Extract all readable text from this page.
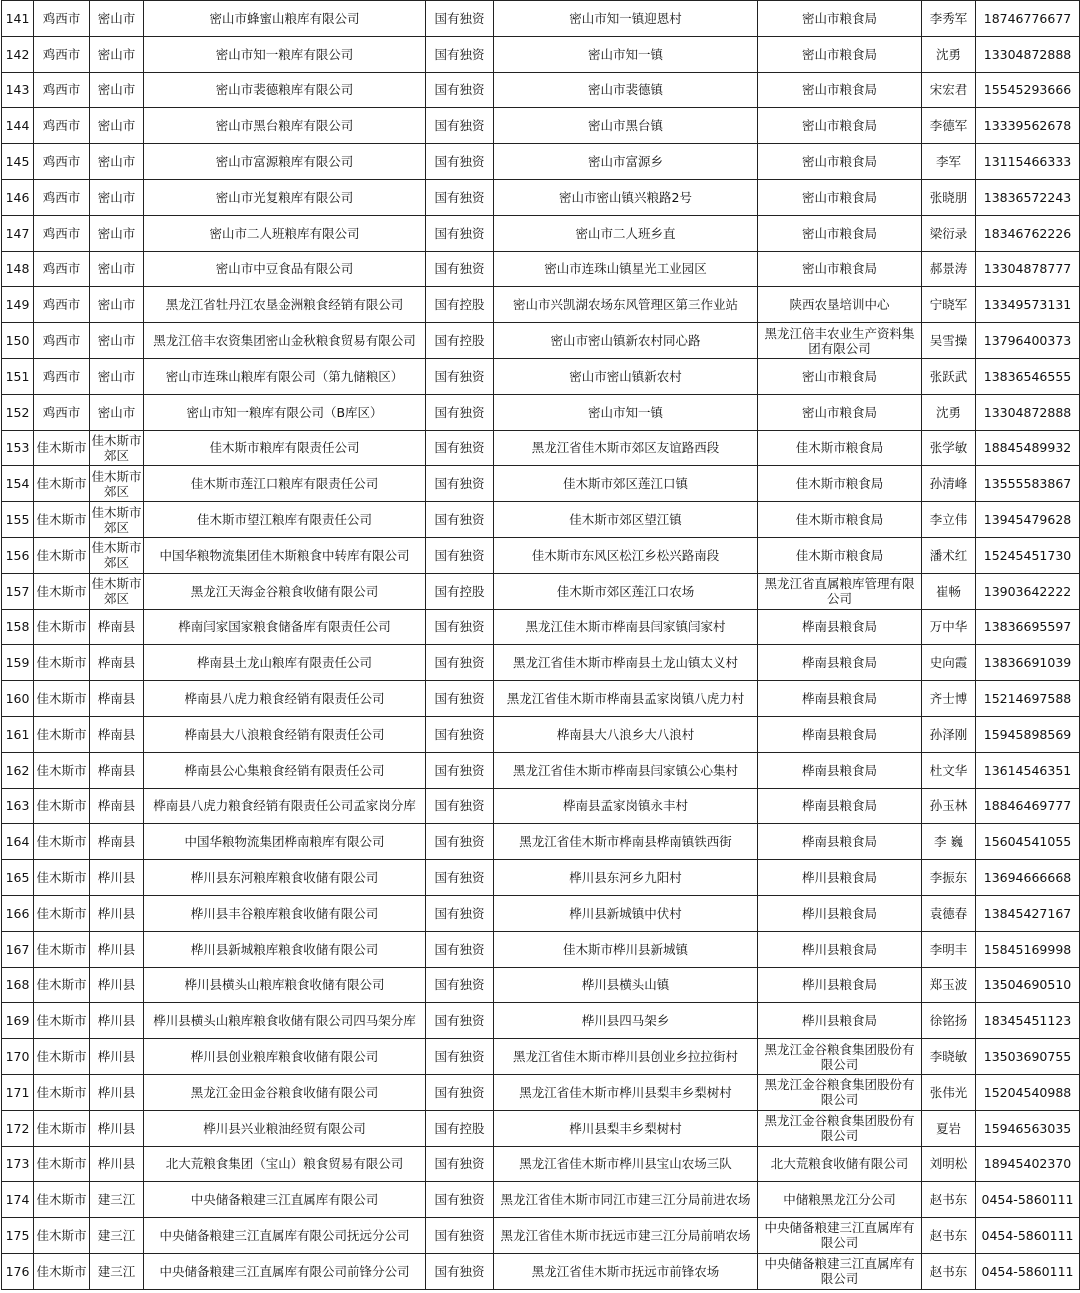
141	鸡西市	密山市	密山市蜂蜜山粮库有限公司	国有独资	密山市知一镇迎恩村	密山市粮食局	李秀军	18746776677
142	鸡西市	密山市	密山市知一粮库有限公司	国有独资	密山市知一镇	密山市粮食局	沈勇	13304872888
143	鸡西市	密山市	密山市裴德粮库有限公司	国有独资	密山市裴德镇	密山市粮食局	宋宏君	15545293666
144	鸡西市	密山市	密山市黑台粮库有限公司	国有独资	密山市黑台镇	密山市粮食局	李德军	13339562678
145	鸡西市	密山市	密山市富源粮库有限公司	国有独资	密山市富源乡	密山市粮食局	李军	13115466333
146	鸡西市	密山市	密山市光复粮库有限公司	国有独资	密山市密山镇兴粮路2号	密山市粮食局	张晓朋	13836572243
147	鸡西市	密山市	密山市二人班粮库有限公司	国有独资	密山市二人班乡直	密山市粮食局	梁衍录	18346762226
148	鸡西市	密山市	密山市中豆食品有限公司	国有独资	密山市连珠山镇星光工业园区	密山市粮食局	郝景涛	13304878777
149	鸡西市	密山市	黑龙江省牡丹江农垦金洲粮食经销有限公司	国有控股	密山市兴凯湖农场东风管理区第三作业站	陕西农垦培训中心	宁晓军	13349573131
150	鸡西市	密山市	黑龙江倍丰农资集团密山金秋粮食贸易有限公司	国有控股	密山市密山镇新农村同心路	黑龙江倍丰农业生产资料集团有限公司	吴雪操	13796400373
151	鸡西市	密山市	密山市连珠山粮库有限公司（第九储粮区）	国有独资	密山市密山镇新农村	密山市粮食局	张跃武	13836546555
152	鸡西市	密山市	密山市知一粮库有限公司（B库区）	国有独资	密山市知一镇	密山市粮食局	沈勇	13304872888
153	佳木斯市	佳木斯市郊区	佳木斯市粮库有限责任公司	国有独资	黑龙江省佳木斯市郊区友谊路西段	佳木斯市粮食局	张学敏	18845489932
154	佳木斯市	佳木斯市郊区	佳木斯市莲江口粮库有限责任公司	国有独资	佳木斯市郊区莲江口镇	佳木斯市粮食局	孙清峰	13555583867
155	佳木斯市	佳木斯市郊区	佳木斯市望江粮库有限责任公司	国有独资	佳木斯市郊区望江镇	佳木斯市粮食局	李立伟	13945479628
156	佳木斯市	佳木斯市郊区	中国华粮物流集团佳木斯粮食中转库有限公司	国有独资	佳木斯市东风区松江乡松兴路南段	佳木斯市粮食局	潘术红	15245451730
157	佳木斯市	佳木斯市郊区	黑龙江天海金谷粮食收储有限公司	国有控股	佳木斯市郊区莲江口农场	黑龙江省直属粮库管理有限公司	崔畅	13903642222
158	佳木斯市	桦南县	桦南闫家国家粮食储备库有限责任公司	国有独资	黑龙江佳木斯市桦南县闫家镇闫家村	桦南县粮食局	万中华	13836695597
159	佳木斯市	桦南县	桦南县土龙山粮库有限责任公司	国有独资	黑龙江省佳木斯市桦南县土龙山镇太义村	桦南县粮食局	史向霞	13836691039
160	佳木斯市	桦南县	桦南县八虎力粮食经销有限责任公司	国有独资	黑龙江省佳木斯市桦南县孟家岗镇八虎力村	桦南县粮食局	齐士博	15214697588
161	佳木斯市	桦南县	桦南县大八浪粮食经销有限责任公司	国有独资	桦南县大八浪乡大八浪村	桦南县粮食局	孙泽刚	15945898569
162	佳木斯市	桦南县	桦南县公心集粮食经销有限责任公司	国有独资	黑龙江省佳木斯市桦南县闫家镇公心集村	桦南县粮食局	杜文华	13614546351
163	佳木斯市	桦南县	桦南县八虎力粮食经销有限责任公司孟家岗分库	国有独资	桦南县孟家岗镇永丰村	桦南县粮食局	孙玉林	18846469777
164	佳木斯市	桦南县	中国华粮物流集团桦南粮库有限公司	国有独资	黑龙江省佳木斯市桦南县桦南镇铁西街	桦南县粮食局	李 巍	15604541055
165	佳木斯市	桦川县	桦川县东河粮库粮食收储有限公司	国有独资	桦川县东河乡九阳村	桦川县粮食局	李振东	13694666668
166	佳木斯市	桦川县	桦川县丰谷粮库粮食收储有限公司	国有独资	桦川县新城镇中伏村	桦川县粮食局	袁德春	13845427167
167	佳木斯市	桦川县	桦川县新城粮库粮食收储有限公司	国有独资	佳木斯市桦川县新城镇	桦川县粮食局	李明丰	15845169998
168	佳木斯市	桦川县	桦川县横头山粮库粮食收储有限公司	国有独资	桦川县横头山镇	桦川县粮食局	郑玉波	13504690510
169	佳木斯市	桦川县	桦川县横头山粮库粮食收储有限公司四马架分库	国有独资	桦川县四马架乡	桦川县粮食局	徐铭扬	18345451123
170	佳木斯市	桦川县	桦川县创业粮库粮食收储有限公司	国有独资	黑龙江省佳木斯市桦川县创业乡拉拉街村	黑龙江金谷粮食集团股份有限公司	李晓敏	13503690755
171	佳木斯市	桦川县	黑龙江金田金谷粮食收储有限公司	国有独资	黑龙江省佳木斯市桦川县梨丰乡梨树村	黑龙江金谷粮食集团股份有限公司	张伟光	15204540988
172	佳木斯市	桦川县	桦川县兴业粮油经贸有限公司	国有控股	桦川县梨丰乡梨树村	黑龙江金谷粮食集团股份有限公司	夏岩	15946563035
173	佳木斯市	桦川县	北大荒粮食集团（宝山）粮食贸易有限公司	国有独资	黑龙江省佳木斯市桦川县宝山农场三队	北大荒粮食收储有限公司	刘明松	18945402370
174	佳木斯市	建三江	中央储备粮建三江直属库有限公司	国有独资	黑龙江省佳木斯市同江市建三江分局前进农场	中储粮黑龙江分公司	赵书东	0454-5860111
175	佳木斯市	建三江	中央储备粮建三江直属库有限公司抚远分公司	国有独资	黑龙江省佳木斯市抚远市建三江分局前哨农场	中央储备粮建三江直属库有限公司	赵书东	0454-5860111
176	佳木斯市	建三江	中央储备粮建三江直属库有限公司前锋分公司	国有独资	黑龙江省佳木斯市抚远市前锋农场	中央储备粮建三江直属库有限公司	赵书东	0454-5860111
